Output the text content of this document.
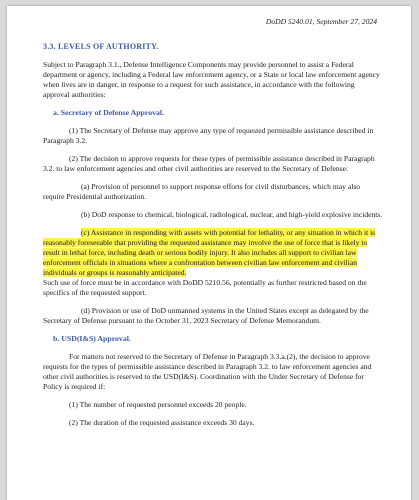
DoDD 5240.01, September 27, 2024
3.3. LEVELS OF AUTHORITY.

Subject to Paragraph 3.1., Defense Intelligence Components may provide personnel to assist a Federal department or agency, including a Federal law enforcement agency, or a State or local law enforcement agency when lives are in danger, in response to a request for such assistance, in accordance with the following approval authorities:

a. Secretary of Defense Approval.

(1) The Secretary of Defense may approve any type of requested permissible assistance described in Paragraph 3.2.

(2) The decision to approve requests for these types of permissible assistance described in Paragraph 3.2. to law enforcement agencies and other civil authorities are reserved to the Secretary of Defense:

(a) Provision of personnel to support response efforts for civil disturbances, which may also require Presidential authorization.

(b) DoD response to chemical, biological, radiological, nuclear, and high-yield explosive incidents.

(c) Assistance in responding with assets with potential for lethality, or any situation in which it is reasonably foreseeable that providing the requested assistance may involve the use of force that is likely to result in lethal force, including death or serious bodily injury. It also includes all support to civilian law enforcement officials in situations where a confrontation between civilian law enforcement and civilian individuals or groups is reasonably anticipated.

Such use of force must be in accordance with DoDD 5210.56, potentially as further restricted based on the specifics of the requested support.

(d) Provision or use of DoD unmanned systems in the United States except as delegated by the Secretary of Defense pursuant to the October 31, 2023 Secretary of Defense Memorandum.

b. USD(I&S) Approval.

For matters not reserved to the Secretary of Defense in Paragraph 3.3.a.(2), the decision to approve requests for the types of permissible assistance described in Paragraph 3.2. to law enforcement agencies and other civil authorities is reserved to the USD(I&S). Coordination with the Under Secretary of Defense for Policy is required if:

(1) The number of requested personnel exceeds 20 people.

(2) The duration of the requested assistance exceeds 30 days.
